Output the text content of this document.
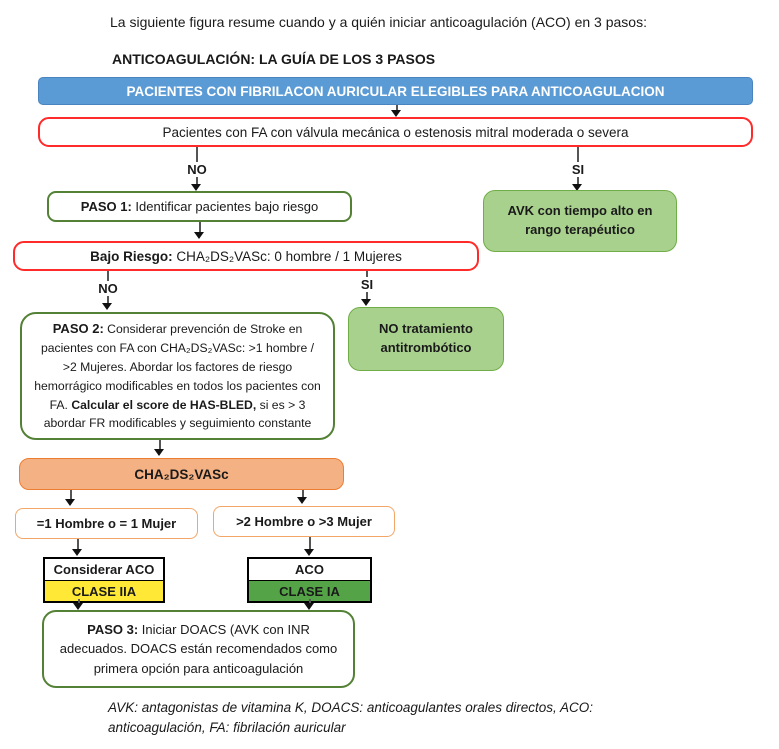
La siguiente figura resume cuando y a quién iniciar anticoagulación (ACO) en 3 pasos:
ANTICOAGULACIÓN: LA GUÍA DE LOS 3 PASOS
PACIENTES CON FIBRILACON AURICULAR ELEGIBLES PARA ANTICOAGULACION
Pacientes con FA con válvula mecánica o estenosis mitral moderada o severa
NO	SI
PASO 1: Identificar pacientes bajo riesgo	AVK con tiempo alto en rango terapéutico
Bajo Riesgo: CHA₂DS₂VASc: 0 hombre / 1 Mujeres
NO	SI
PASO 2: Considerar prevención de Stroke en pacientes con FA con CHA₂DS₂VASc: >1 hombre / >2 Mujeres. Abordar los factores de riesgo hemorrágico modificables en todos los pacientes con FA. Calcular el score de HAS-BLED, si es > 3 abordar FR modificables y seguimiento constante
NO tratamiento antitrombótico
CHA₂DS₂VASc
=1 Hombre o = 1 Mujer	>2 Hombre o >3 Mujer
Considerar ACO
CLASE IIA
ACO
CLASE IA
PASO 3: Iniciar DOACS (AVK con INR adecuados. DOACS están recomendados como primera opción para anticoagulación
AVK: antagonistas de vitamina K, DOACS: anticoagulantes orales directos, ACO:
anticoagulación, FA: fibrilación auricular
